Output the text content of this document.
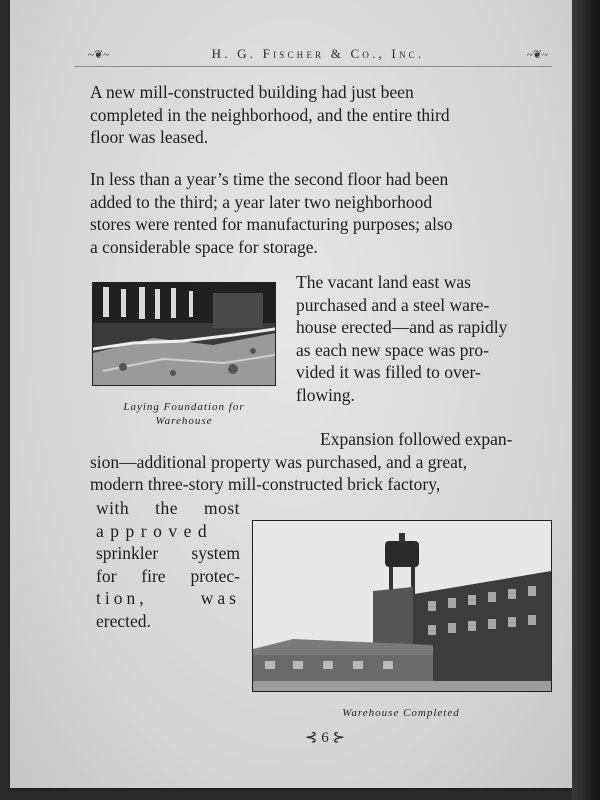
~❦~	H. G. Fischer & Co., Inc.	~❦~
A new mill-constructed building had just been
completed in the neighborhood, and the entire third
floor was leased.
In less than a year’s time the second floor had been
added to the third; a year later two neighborhood
stores were rented for manufacturing purposes; also
a considerable space for storage.
Laying Foundation for
Warehouse
The vacant land east was
purchased and a steel ware-
house erected—and as rapidly
as each new space was pro-
vided it was filled to over-
flowing.
Expansion followed expan-
sion—additional property was purchased, and a great,
modern three-story mill-constructed brick factory,
with the most
approved
sprinkler system
for fire protec-
tion, was
erected.
Warehouse Completed
⊰ 6 ⊱
